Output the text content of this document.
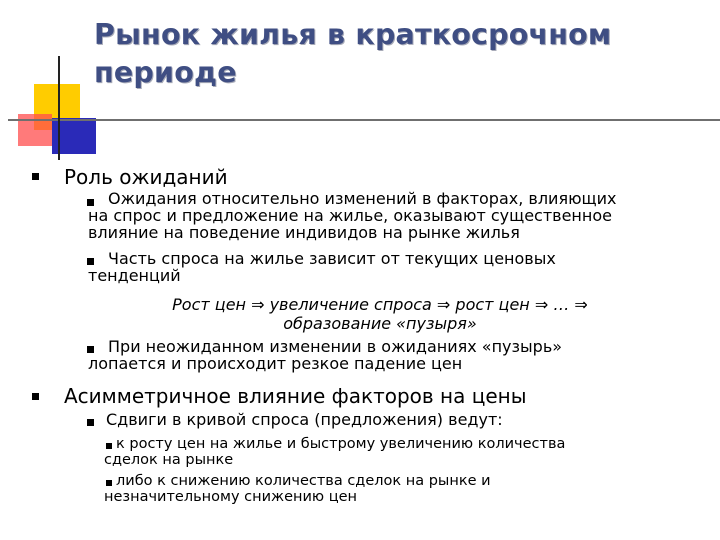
Рынок жилья в краткосрочном
периоде

Роль ожиданий

Ожидания относительно изменений в факторах, влияющих
на спрос и предложение на жилье, оказывают существенное
влияние на поведение индивидов на рынке жилья
Часть спроса на жилье зависит от текущих ценовых
тенденций
Рост цен ⇒ увеличение спроса ⇒ рост цен ⇒ … ⇒
образование «пузыря»
При неожиданном изменении в ожиданиях «пузырь»
лопается и происходит резкое падение цен

Асимметричное влияние факторов на цены

Сдвиги в кривой спроса (предложения) ведут:

к росту цен на жилье и быстрому увеличению количества
сделок на рынке
либо к снижению количества сделок на рынке и
незначительному снижению цен
